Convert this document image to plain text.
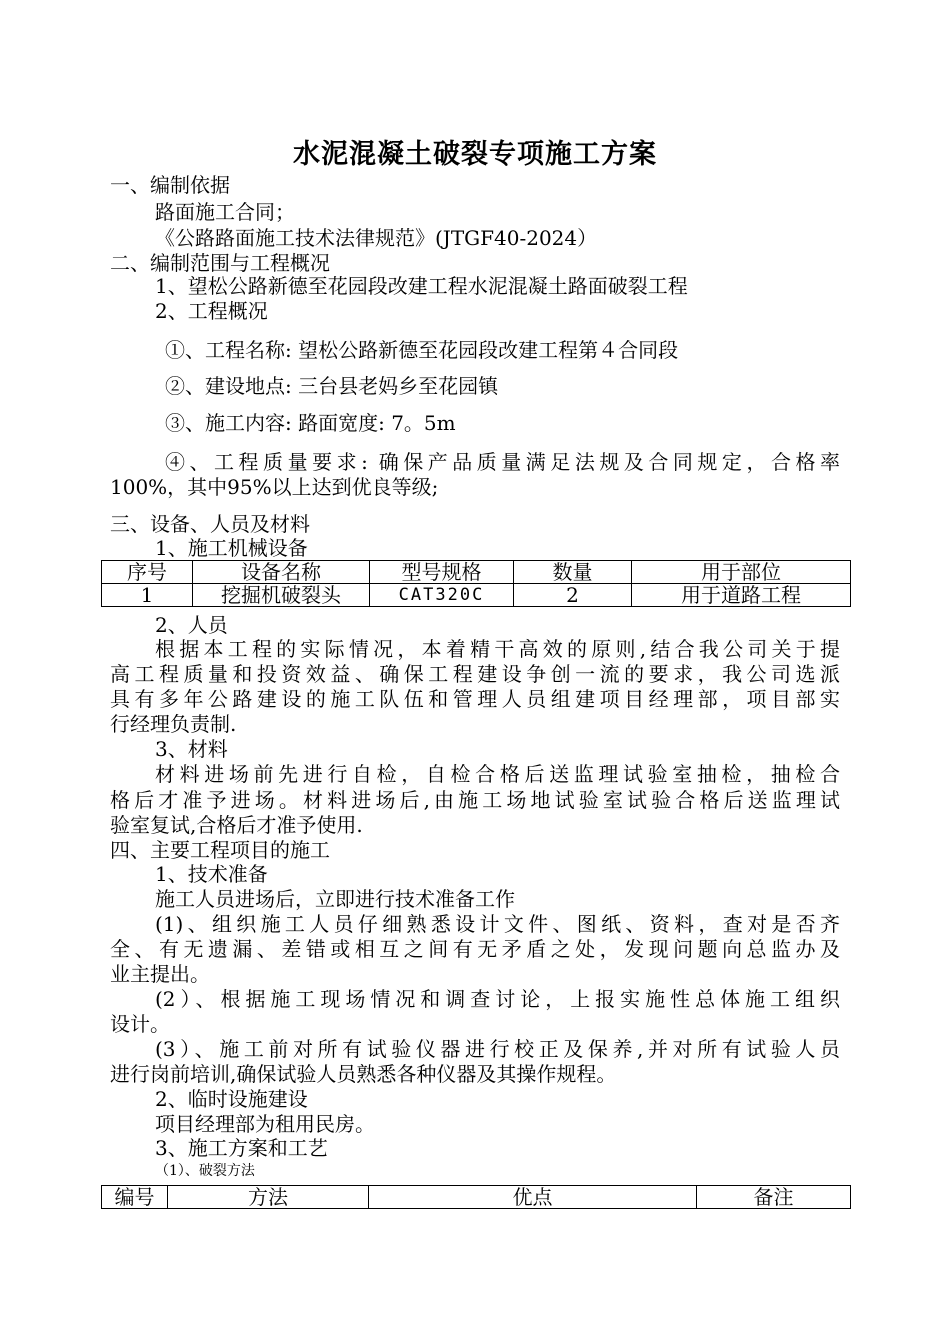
水泥混凝土破裂专项施工方案
一、编制依据
路面施工合同；
《公路路面施工技术法律规范》(JTGF40-2024）
二、编制范围与工程概况
1、望松公路新德至花园段改建工程水泥混凝土路面破裂工程
2、工程概况
①、工程名称: 望松公路新德至花园段改建工程第４合同段
②、建设地点: 三台县老妈乡至花园镇
③、施工内容: 路面宽度: 7。5m
④、工程质量要求: 确保产品质量满足法规及合同规定，合格率
100%，其中95%以上达到优良等级;
三、设备、人员及材料
1、施工机械设备
序号	设备名称	型号规格	数量	用于部位
1	挖掘机破裂头	CAT320C	2	用于道路工程
2、人员
根据本工程的实际情况，本着精干高效的原则,结合我公司关于提
高工程质量和投资效益、确保工程建设争创一流的要求，我公司选派
具有多年公路建设的施工队伍和管理人员组建项目经理部，项目部实
行经理负责制.
3、材料
材料进场前先进行自检，自检合格后送监理试验室抽检，抽检合
格后才准予进场。材料进场后,由施工场地试验室试验合格后送监理试
验室复试,合格后才准予使用.
四、主要工程项目的施工
1、技术准备
施工人员进场后，立即进行技术准备工作
(1)、组织施工人员仔细熟悉设计文件、图纸、资料，查对是否齐
全、有无遗漏、差错或相互之间有无矛盾之处，发现问题向总监办及
业主提出。
(2）、根据施工现场情况和调查讨论，上报实施性总体施工组织
设计。
(3）、施工前对所有试验仪器进行校正及保养,并对所有试验人员
进行岗前培训,确保试验人员熟悉各种仪器及其操作规程。
2、临时设施建设
项目经理部为租用民房。
3、施工方案和工艺
（1）、破裂方法
编号	方法	优点	备注
